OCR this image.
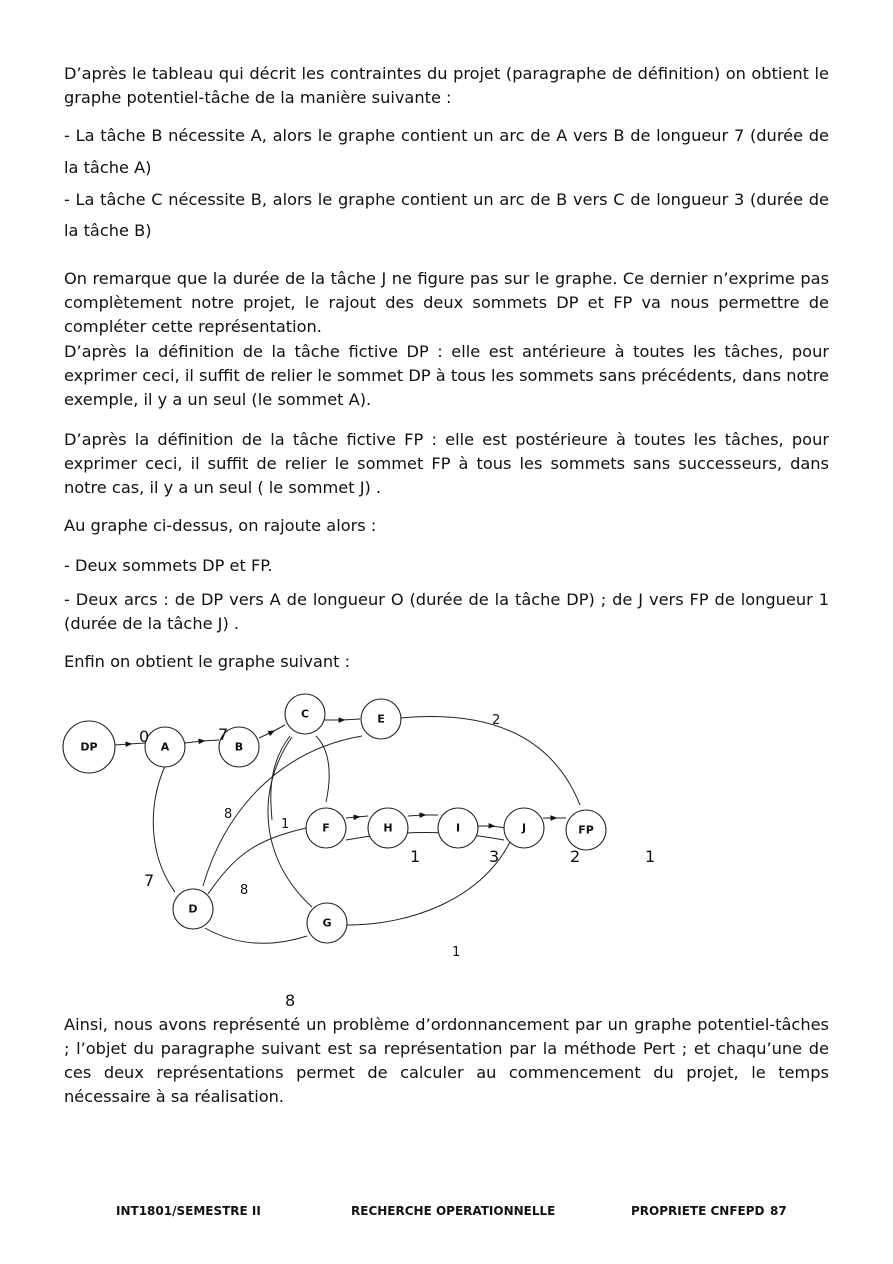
D’après le tableau qui décrit les contraintes du projet (paragraphe de définition) on obtient le graphe potentiel-tâche de la manière suivante :

- La tâche B nécessite A, alors le graphe contient un arc de A vers B de longueur 7 (durée de

la tâche A)

- La tâche C nécessite B, alors le graphe contient un arc de B vers C de longueur 3 (durée de

la tâche B)

On remarque que la durée de la tâche J ne figure pas sur le graphe. Ce dernier n’exprime pas complètement notre projet, le rajout des deux sommets DP et FP va nous permettre de compléter cette représentation.

D’après la définition de la tâche fictive DP : elle est antérieure à toutes les tâches, pour exprimer ceci, il suffit de relier le sommet DP à tous les sommets sans précédents, dans notre exemple, il y a un seul (le sommet A).

D’après la définition de la tâche fictive FP : elle est postérieure à toutes les tâches, pour exprimer ceci, il suffit de relier le sommet FP à tous les sommets sans successeurs, dans notre cas, il y a un seul ( le sommet J) .

Au graphe ci-dessus, on rajoute alors :

- Deux sommets DP et FP.

- Deux arcs : de DP vers A de longueur O (durée de la tâche DP) ; de J vers FP de longueur 1 (durée de la tâche J) .

Enfin on obtient le graphe suivant :

DP	A	B
C	E
F	H	I	J	FP
D
G
0	7
2
8
1
1	3	2	1
7
8
1
8

Ainsi, nous avons représenté un problème d’ordonnancement par un graphe potentiel-tâches ; l’objet du paragraphe suivant est sa représentation par la méthode Pert ; et chaqu’une de ces deux représentations permet de calculer au commencement du projet, le temps nécessaire à sa réalisation.

INT1801/SEMESTRE II	RECHERCHE OPERATIONNELLE	PROPRIETE CNFEPD 87
